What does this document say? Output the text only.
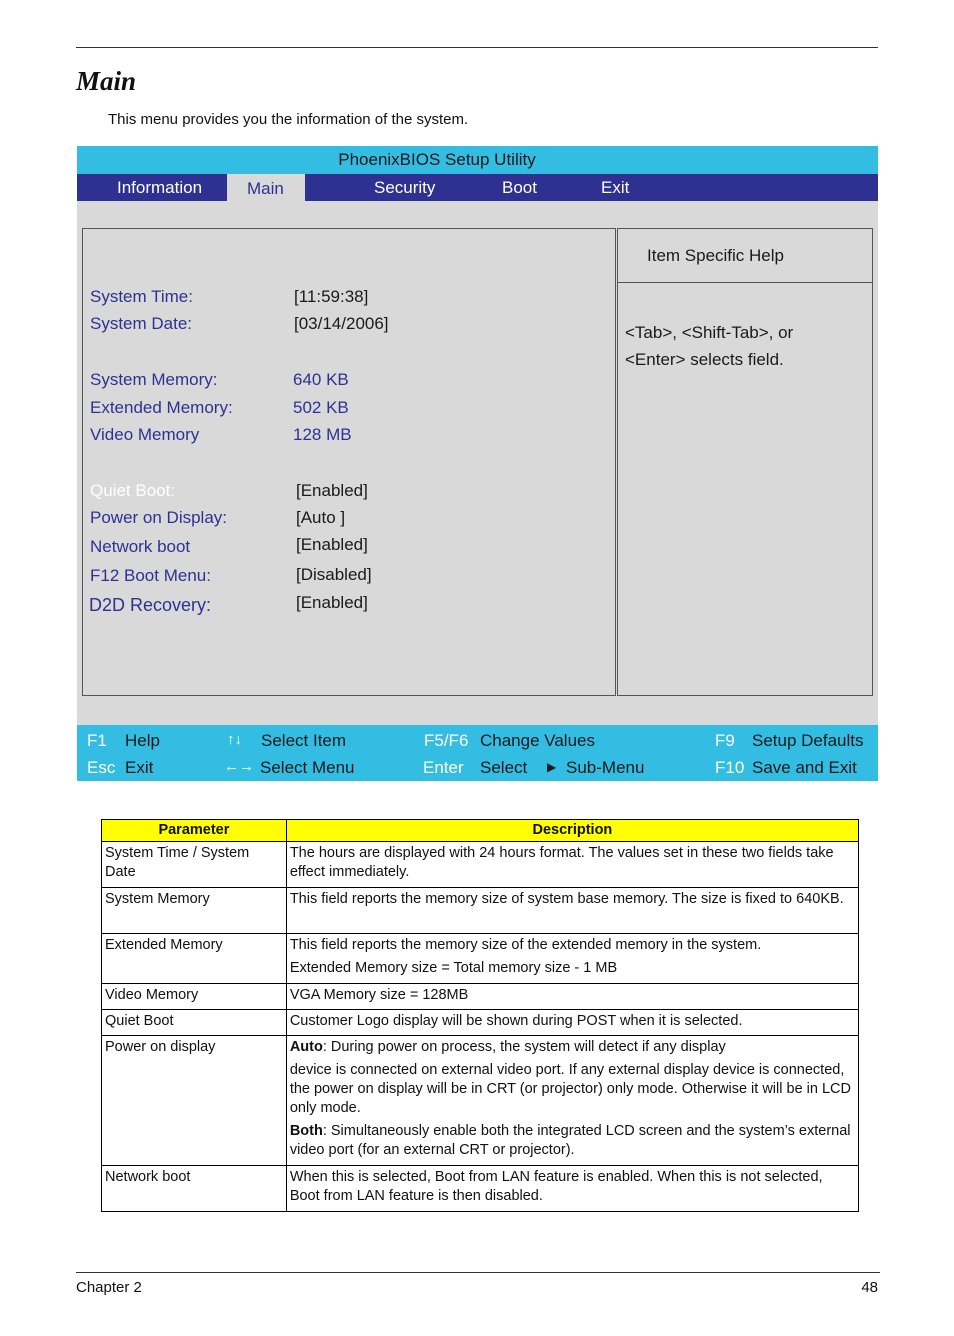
Main
This menu provides you the information of the system.
PhoenixBIOS Setup Utility
Information	Security	Boot	Exit
Main
System Time:	[11:59:38]
System Date:	[03/14/2006]
System Memory:	640 KB
Extended Memory:	502 KB
Video Memory	128 MB
Quiet Boot:	[Enabled]
Power on Display:	[Auto ]
Network boot	[Enabled]
F12 Boot Menu:	[Disabled]
D2D Recovery:	[Enabled]
Item Specific Help
<Tab>, <Shift-Tab>, or
<Enter> selects field.
F1 Help	↑↓ Select Item	F5/F6 Change Values	F9 Setup Defaults
Esc Exit	←→ Select Menu	Enter Select ▶ Sub-Menu	F10 Save and Exit
Parameter	Description
System Time / System Date	The hours are displayed with 24 hours format. The values set in these two fields take effect immediately.
System Memory	This field reports the memory size of system base memory. The size is fixed to 640KB.
Extended Memory	This field reports the memory size of the extended memory in the system.

Extended Memory size = Total memory size - 1 MB

Video Memory	VGA Memory size = 128MB
Quiet Boot	Customer Logo display will be shown during POST when it is selected.
Power on display	Auto: During power on process, the system will detect if any display

device is connected on external video port. If any external display device is connected, the power on display will be in CRT (or projector) only mode. Otherwise it will be in LCD only mode.

Both: Simultaneously enable both the integrated LCD screen and the system’s external video port (for an external CRT or projector).

Network boot	When this is selected, Boot from LAN feature is enabled. When this is not selected, Boot from LAN feature is then disabled.
Chapter 2	48
